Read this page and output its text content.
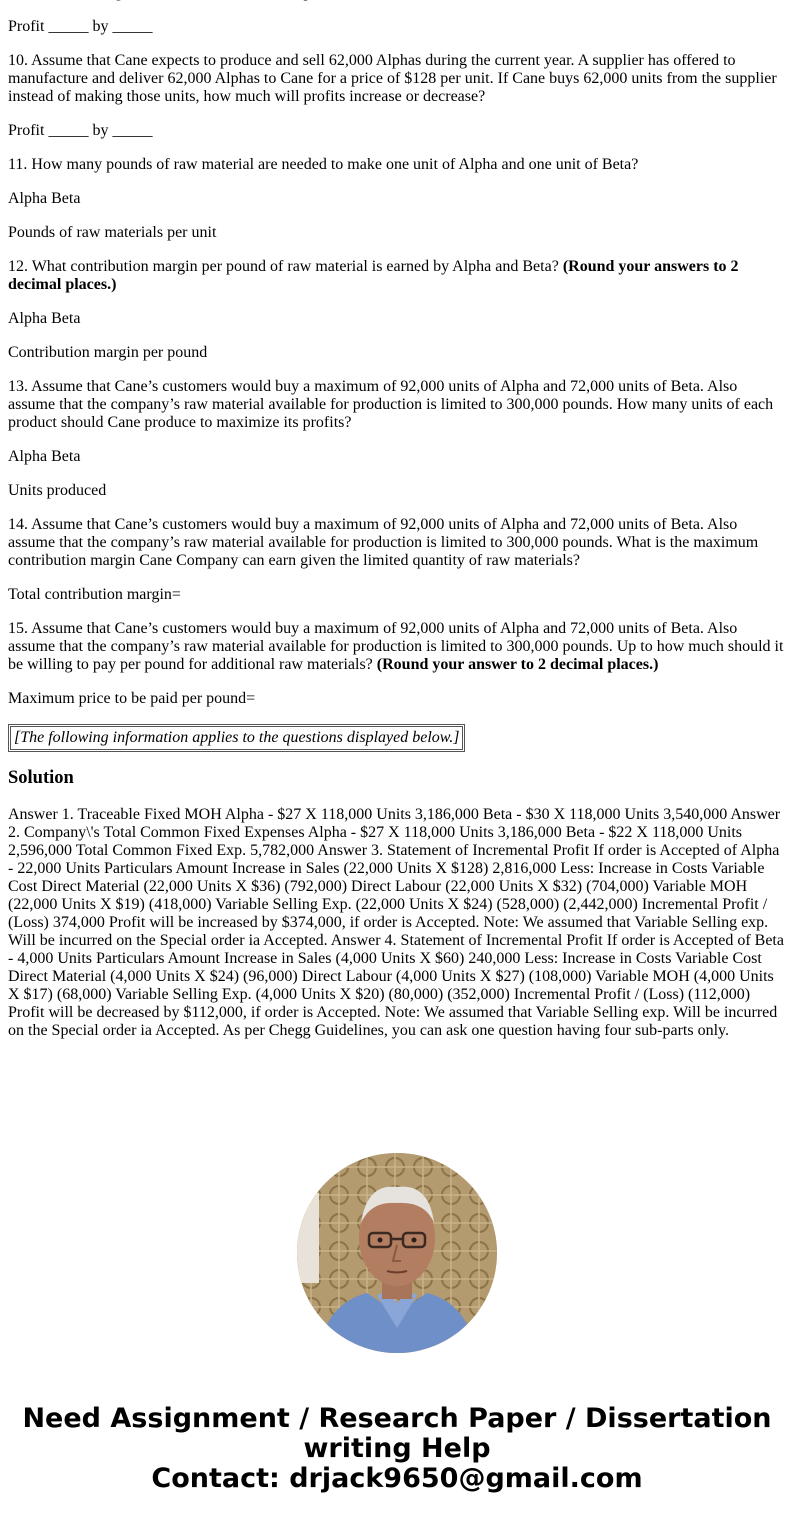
Profit _____ by _____

10. Assume that Cane expects to produce and sell 62,000 Alphas during the current year. A supplier has offered to manufacture and deliver 62,000 Alphas to Cane for a price of $128 per unit. If Cane buys 62,000 units from the supplier instead of making those units, how much will profits increase or decrease?

Profit _____ by _____

11. How many pounds of raw material are needed to make one unit of Alpha and one unit of Beta?

Alpha Beta

Pounds of raw materials per unit

12. What contribution margin per pound of raw material is earned by Alpha and Beta? (Round your answers to 2 decimal places.)

Alpha Beta

Contribution margin per pound

13. Assume that Cane’s customers would buy a maximum of 92,000 units of Alpha and 72,000 units of Beta. Also assume that the company’s raw material available for production is limited to 300,000 pounds. How many units of each product should Cane produce to maximize its profits?

Alpha Beta

Units produced

14. Assume that Cane’s customers would buy a maximum of 92,000 units of Alpha and 72,000 units of Beta. Also assume that the company’s raw material available for production is limited to 300,000 pounds. What is the maximum contribution margin Cane Company can earn given the limited quantity of raw materials?

Total contribution margin=

15. Assume that Cane’s customers would buy a maximum of 92,000 units of Alpha and 72,000 units of Beta. Also assume that the company’s raw material available for production is limited to 300,000 pounds. Up to how much should it be willing to pay per pound for additional raw materials? (Round your answer to 2 decimal places.)

Maximum price to be paid per pound=

[The following information applies to the questions displayed below.]
Solution

Answer 1. Traceable Fixed MOH Alpha - $27 X 118,000 Units 3,186,000 Beta - $30 X 118,000 Units 3,540,000 Answer 2. Company\'s Total Common Fixed Expenses Alpha - $27 X 118,000 Units 3,186,000 Beta - $22 X 118,000 Units 2,596,000 Total Common Fixed Exp. 5,782,000 Answer 3. Statement of Incremental Profit If order is Accepted of Alpha - 22,000 Units Particulars Amount Increase in Sales (22,000 Units X $128) 2,816,000 Less: Increase in Costs Variable Cost Direct Material (22,000 Units X $36) (792,000) Direct Labour (22,000 Units X $32) (704,000) Variable MOH (22,000 Units X $19) (418,000) Variable Selling Exp. (22,000 Units X $24) (528,000) (2,442,000) Incremental Profit / (Loss) 374,000 Profit will be increased by $374,000, if order is Accepted. Note: We assumed that Variable Selling exp. Will be incurred on the Special order ia Accepted. Answer 4. Statement of Incremental Profit If order is Accepted of Beta - 4,000 Units Particulars Amount Increase in Sales (4,000 Units X $60) 240,000 Less: Increase in Costs Variable Cost Direct Material (4,000 Units X $24) (96,000) Direct Labour (4,000 Units X $27) (108,000) Variable MOH (4,000 Units X $17) (68,000) Variable Selling Exp. (4,000 Units X $20) (80,000) (352,000) Incremental Profit / (Loss) (112,000) Profit will be decreased by $112,000, if order is Accepted. Note: We assumed that Variable Selling exp. Will be incurred on the Special order ia Accepted. As per Chegg Guidelines, you can ask one question having four sub-parts only.

Need Assignment / Research Paper / Dissertation writing Help
Contact: drjack9650@gmail.com
